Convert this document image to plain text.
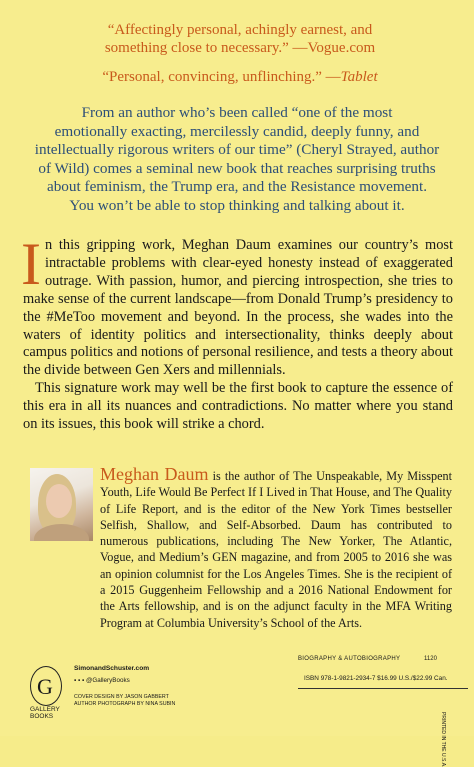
“Affectingly personal, achingly earnest, and
something close to necessary.” —Vogue.com
“Personal, convincing, unflinching.” —Tablet
From an author who’s been called “one of the most
emotionally exacting, mercilessly candid, deeply funny, and
intellectually rigorous writers of our time” (Cheryl Strayed, author
of Wild) comes a seminal new book that reaches surprising truths
about feminism, the Trump era, and the Resistance movement.
You won’t be able to stop thinking and talking about it.
I n this gripping work, Meghan Daum examines our country’s most intractable problems with clear-eyed honesty instead of exaggerated outrage. With passion, humor, and piercing introspection, she tries to make sense of the current landscape—from Donald Trump’s presidency to the #MeToo movement and beyond. In the process, she wades into the waters of identity politics and intersectionality, thinks deeply about campus politics and notions of personal resilience, and tests a theory about the divide between Gen Xers and millennials.

This signature work may well be the first book to capture the essence of this era in all its nuances and contradictions. No matter where you stand on its issues, this book will strike a chord.

Meghan Daum is the author of The Unspeakable, My Misspent Youth, Life Would Be Perfect If I Lived in That House, and The Quality of Life Report, and is the editor of the New York Times bestseller Selfish, Shallow, and Self-Absorbed. Daum has contributed to numerous publications, including The New Yorker, The Atlantic, Vogue, and Medium’s GEN magazine, and from 2005 to 2016 she was an opinion columnist for the Los Angeles Times. She is the recipient of a 2015 Guggenheim Fellowship and a 2016 National Endowment for the Arts fellowship, and is on the adjunct faculty in the MFA Writing Program at Columbia University’s School of the Arts.
BIOGRAPHY & AUTOBIOGRAPHY	1120
ISBN 978-1-9821-2934-7 $16.99 U.S./$22.99 Can.
PRINTED IN THE U.S.A.
G
GALLERY
BOOKS
SimonandSchuster.com
▪ ▪ ▪ @GalleryBooks
COVER DESIGN BY JASON GABBERT
AUTHOR PHOTOGRAPH BY NINA SUBIN
